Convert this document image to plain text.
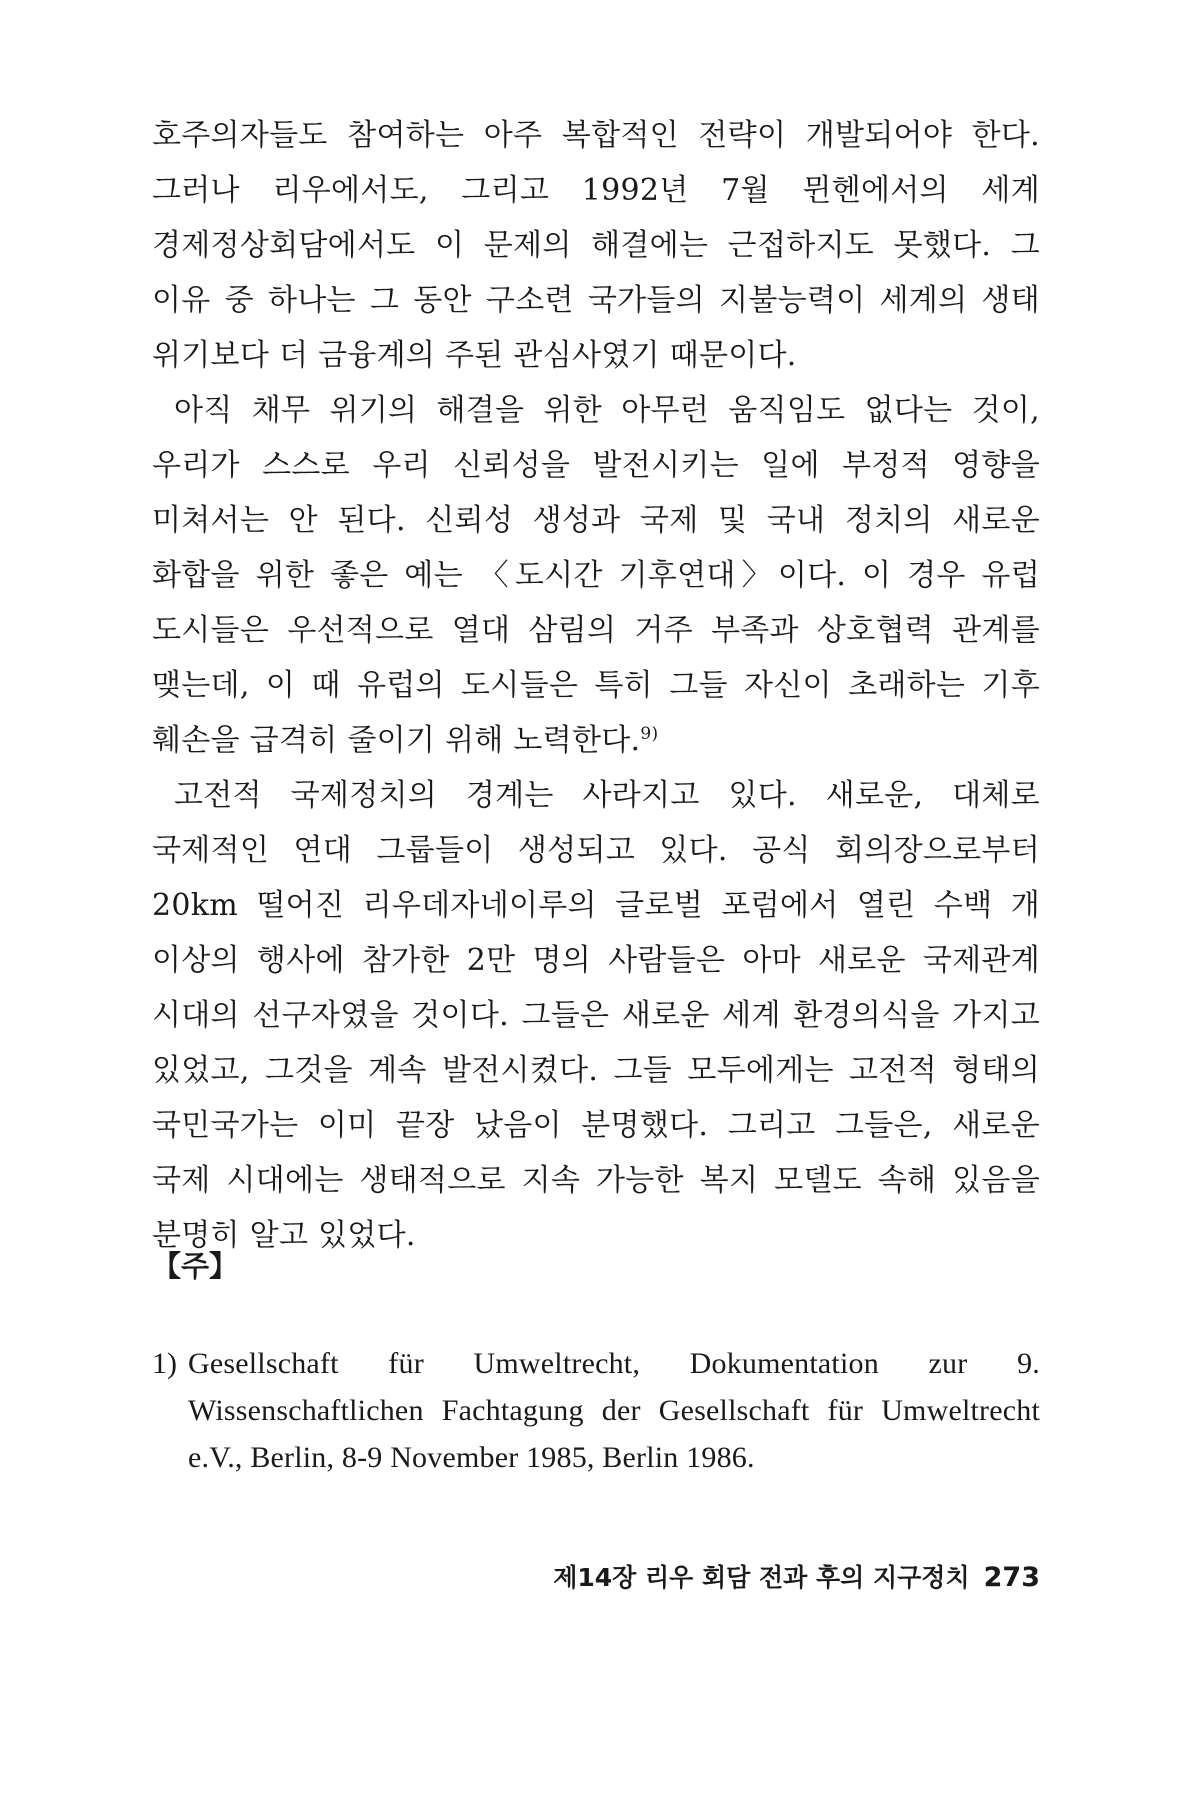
호주의자들도 참여하는 아주 복합적인 전략이 개발되어야 한다. 그러나 리우에서도, 그리고 1992년 7월 뮌헨에서의 세계 경제정상회담에서도 이 문제의 해결에는 근접하지도 못했다. 그 이유 중 하나는 그 동안 구소련 국가들의 지불능력이 세계의 생태 위기보다 더 금융계의 주된 관심사였기 때문이다.

아직 채무 위기의 해결을 위한 아무런 움직임도 없다는 것이, 우리가 스스로 우리 신뢰성을 발전시키는 일에 부정적 영향을 미쳐서는 안 된다. 신뢰성 생성과 국제 및 국내 정치의 새로운 화합을 위한 좋은 예는 〈도시간 기후연대〉이다. 이 경우 유럽 도시들은 우선적으로 열대 삼림의 거주 부족과 상호협력 관계를 맺는데, 이 때 유럽의 도시들은 특히 그들 자신이 초래하는 기후 훼손을 급격히 줄이기 위해 노력한다.$^{9)}$

고전적 국제정치의 경계는 사라지고 있다. 새로운, 대체로 국제적인 연대 그룹들이 생성되고 있다. 공식 회의장으로부터 20km 떨어진 리우데자네이루의 글로벌 포럼에서 열린 수백 개 이상의 행사에 참가한 2만 명의 사람들은 아마 새로운 국제관계 시대의 선구자였을 것이다. 그들은 새로운 세계 환경의식을 가지고 있었고, 그것을 계속 발전시켰다. 그들 모두에게는 고전적 형태의 국민국가는 이미 끝장 났음이 분명했다. 그리고 그들은, 새로운 국제 시대에는 생태적으로 지속 가능한 복지 모델도 속해 있음을 분명히 알고 있었다.

【주】
1) Gesellschaft für Umweltrecht, Dokumentation zur 9. Wissenschaftlichen Fachtagung der Gesellschaft für Umweltrecht e.V., Berlin, 8-9 November 1985, Berlin 1986.
제14장 리우 회담 전과 후의 지구정치 273
